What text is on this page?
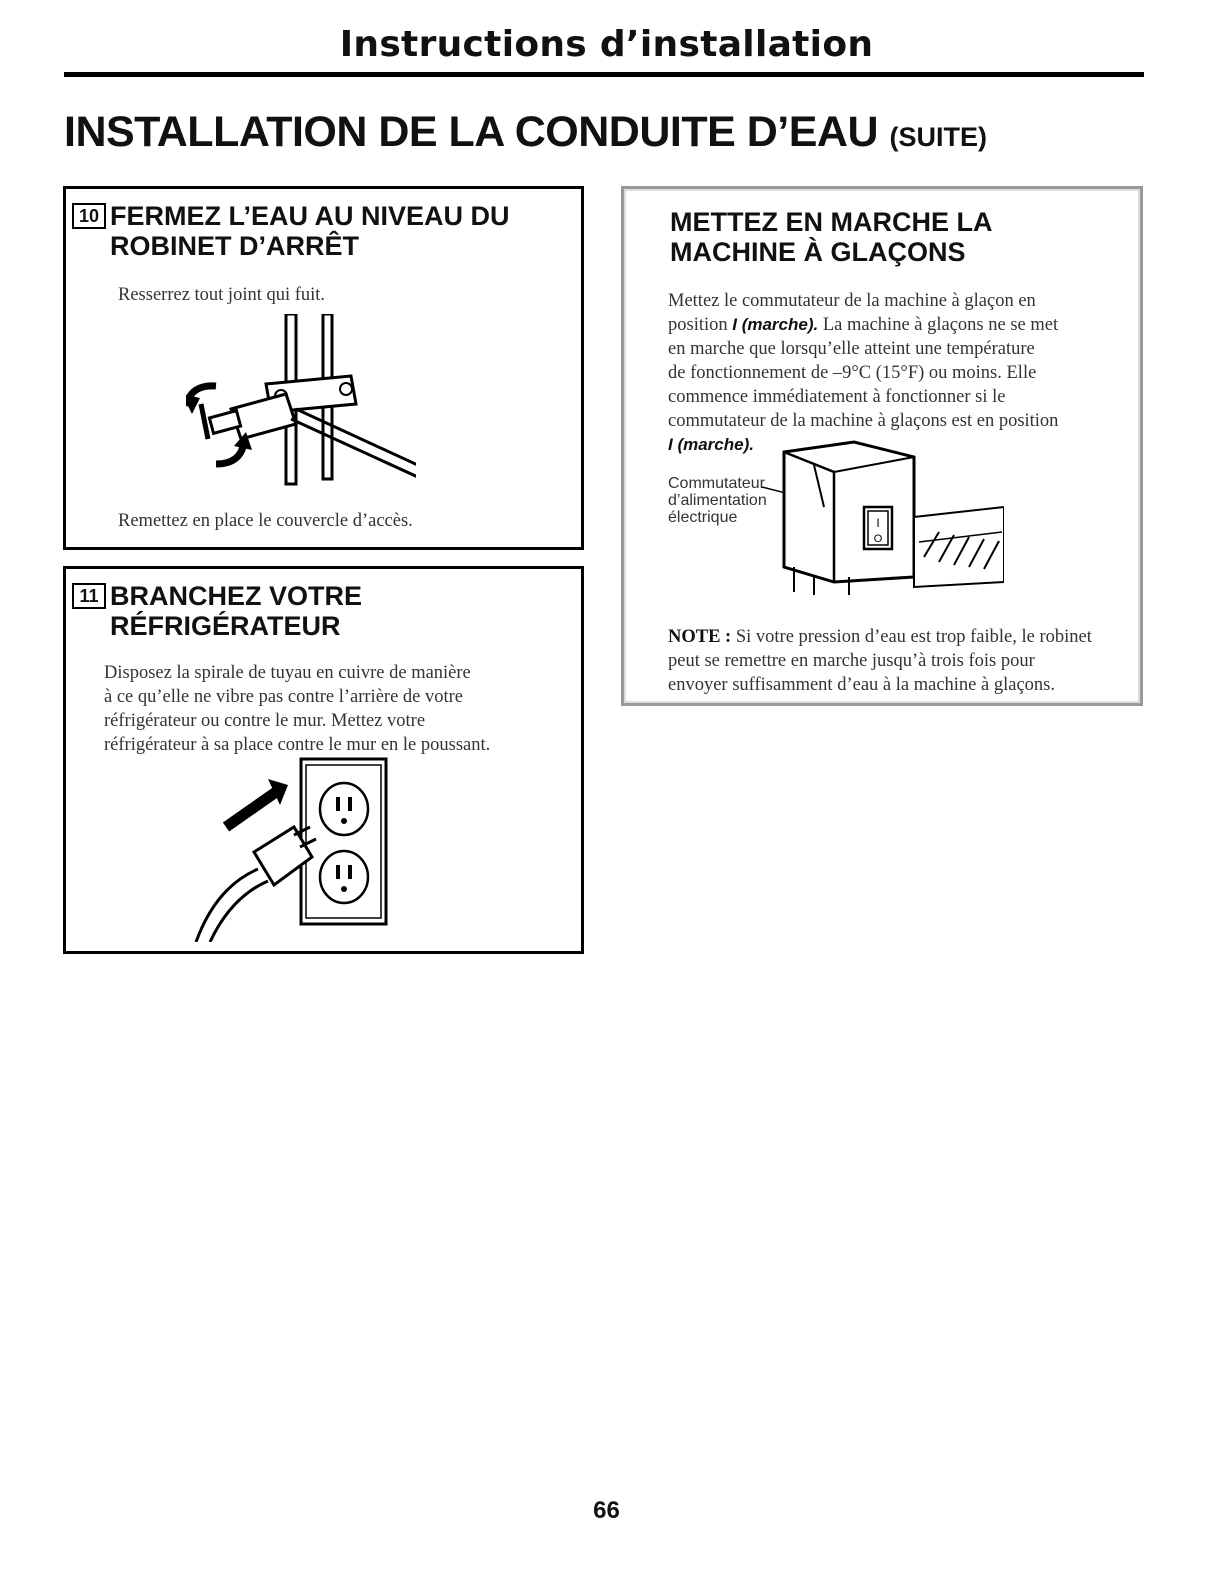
Instructions d’installation
INSTALLATION DE LA CONDUITE D’EAU (SUITE)
10 FERMEZ L’EAU AU NIVEAU DU
ROBINET D’ARRÊT
Resserrez tout joint qui fuit.
Remettez en place le couvercle d’accès.
11 BRANCHEZ VOTRE
RÉFRIGÉRATEUR
Disposez la spirale de tuyau en cuivre de manière
à ce qu’elle ne vibre pas contre l’arrière de votre
réfrigérateur ou contre le mur. Mettez votre
réfrigérateur à sa place contre le mur en le poussant.
METTEZ EN MARCHE LA
MACHINE À GLAÇONS
Mettez le commutateur de la machine à glaçon en
position I (marche). La machine à glaçons ne se met
en marche que lorsqu’elle atteint une température
de fonctionnement de –9°C (15°F) ou moins. Elle
commence immédiatement à fonctionner si le
commutateur de la machine à glaçons est en position
I (marche).
Commutateur
d’alimentation
électrique	I
O
NOTE : Si votre pression d’eau est trop faible, le robinet
peut se remettre en marche jusqu’à trois fois pour
envoyer suffisamment d’eau à la machine à glaçons.
66
